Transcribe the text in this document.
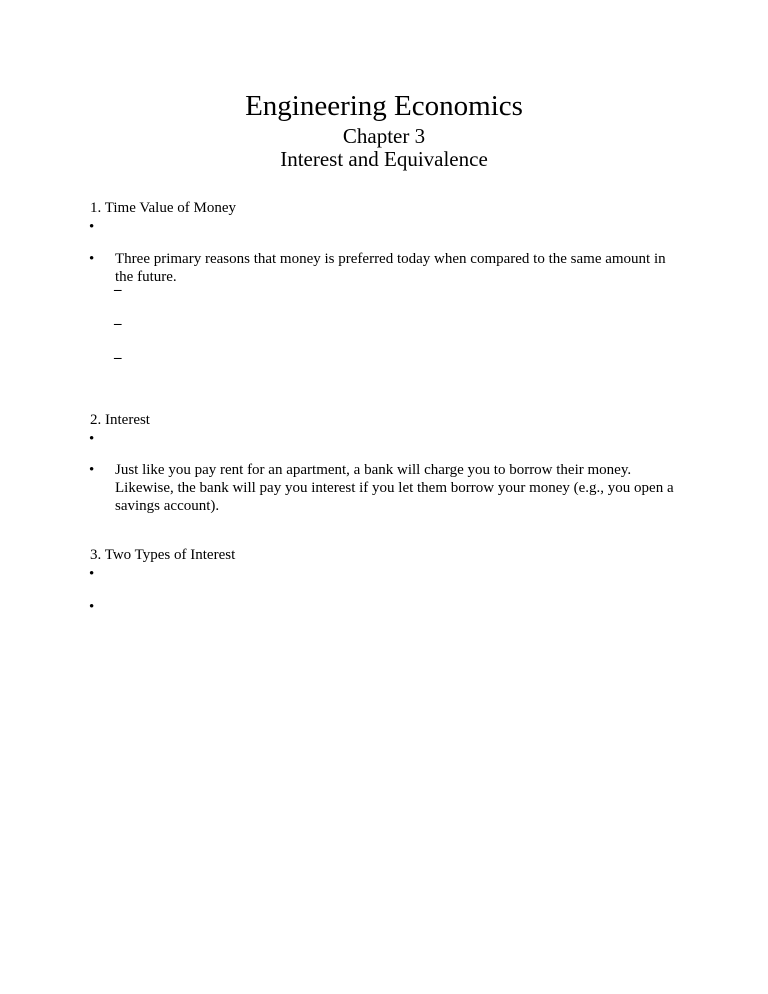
Engineering Economics
Chapter 3
Interest and Equivalence
1. Time Value of Money
•
• Three primary reasons that money is preferred today when compared to the same amount in the future.
–
–
–
2. Interest
•
• Just like you pay rent for an apartment, a bank will charge you to borrow their money. Likewise, the bank will pay you interest if you let them borrow your money (e.g., you open a savings account).
3. Two Types of Interest
•
•
